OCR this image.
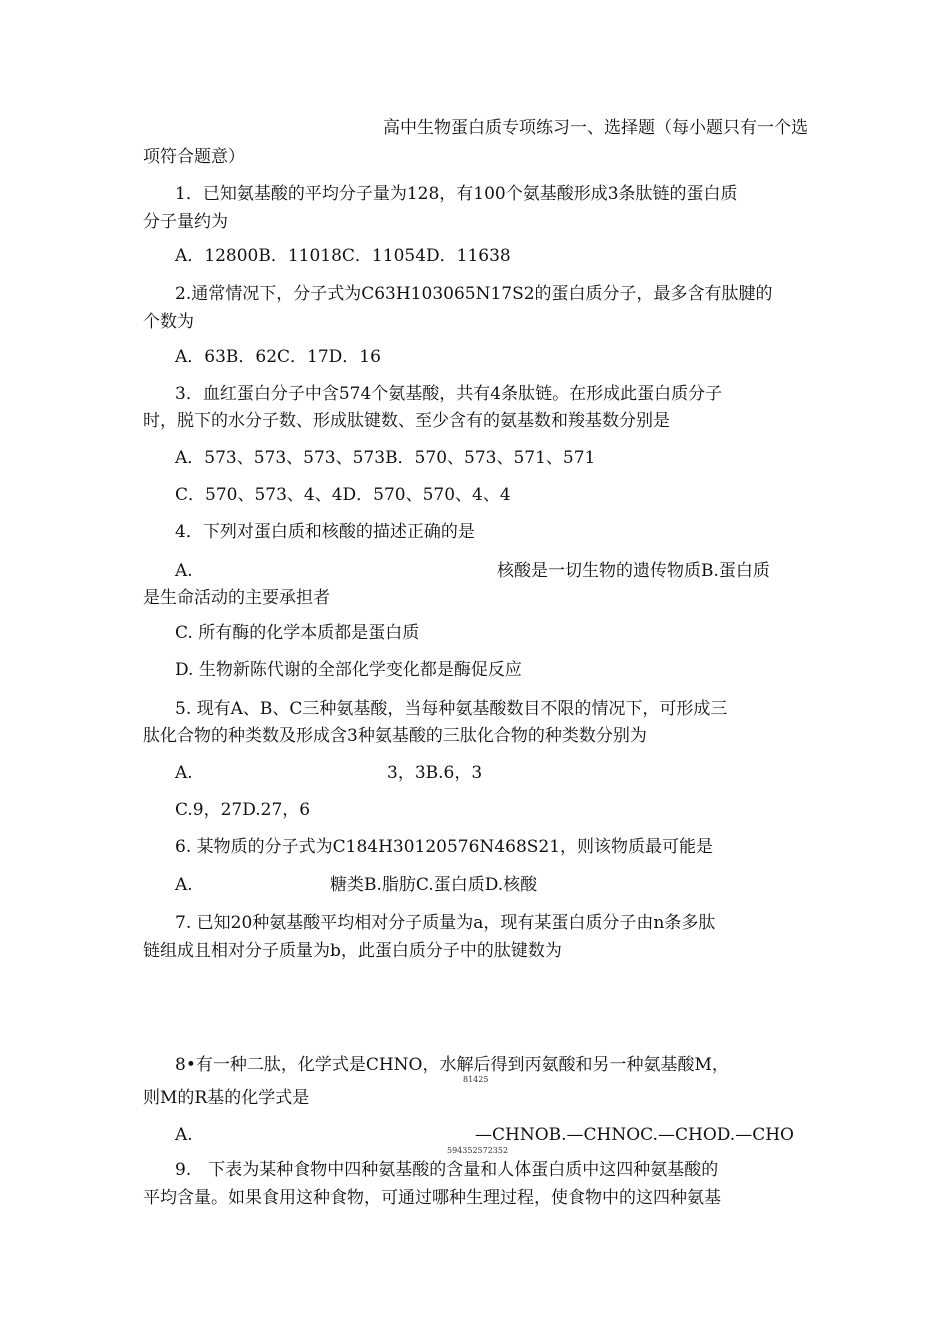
高中生物蛋白质专项练习一、选择题（每小题只有一个选
项符合题意）
1．已知氨基酸的平均分子量为128，有100个氨基酸形成3条肽链的蛋白质
分子量约为
A．12800B．11018C．11054D．11638
2.通常情况下，分子式为C63H103065N17S2的蛋白质分子，最多含有肽腱的
个数为
A．63B．62C．17D．16
3．血红蛋白分子中含574个氨基酸，共有4条肽链。在形成此蛋白质分子
时，脱下的水分子数、形成肽键数、至少含有的氨基数和羧基数分别是
A．573、573、573、573B．570、573、571、571
C．570、573、4、4D．570、570、4、4
4．下列对蛋白质和核酸的描述正确的是
A.	核酸是一切生物的遗传物质B.蛋白质
是生命活动的主要承担者
C. 所有酶的化学本质都是蛋白质
D. 生物新陈代谢的全部化学变化都是酶促反应
5. 现有A、B、C三种氨基酸，当每种氨基酸数目不限的情况下，可形成三
肽化合物的种类数及形成含3种氨基酸的三肽化合物的种类数分别为
A.	3，3B.6，3
C.9，27D.27，6
6. 某物质的分子式为C184H30120576N468S21，则该物质最可能是
A.	糖类B.脂肪C.蛋白质D.核酸
7. 已知20种氨基酸平均相对分子质量为a，现有某蛋白质分子由n条多肽
链组成且相对分子质量为b，此蛋白质分子中的肽键数为
8•有一种二肽，化学式是CHNO，水解后得到丙氨酸和另一种氨基酸M，
81425
则M的R基的化学式是
A.	—CHNOB.—CHNOC.—CHOD.—CHO
594352572352
9.　下表为某种食物中四种氨基酸的含量和人体蛋白质中这四种氨基酸的
平均含量。如果食用这种食物，可通过哪种生理过程，使食物中的这四种氨基
